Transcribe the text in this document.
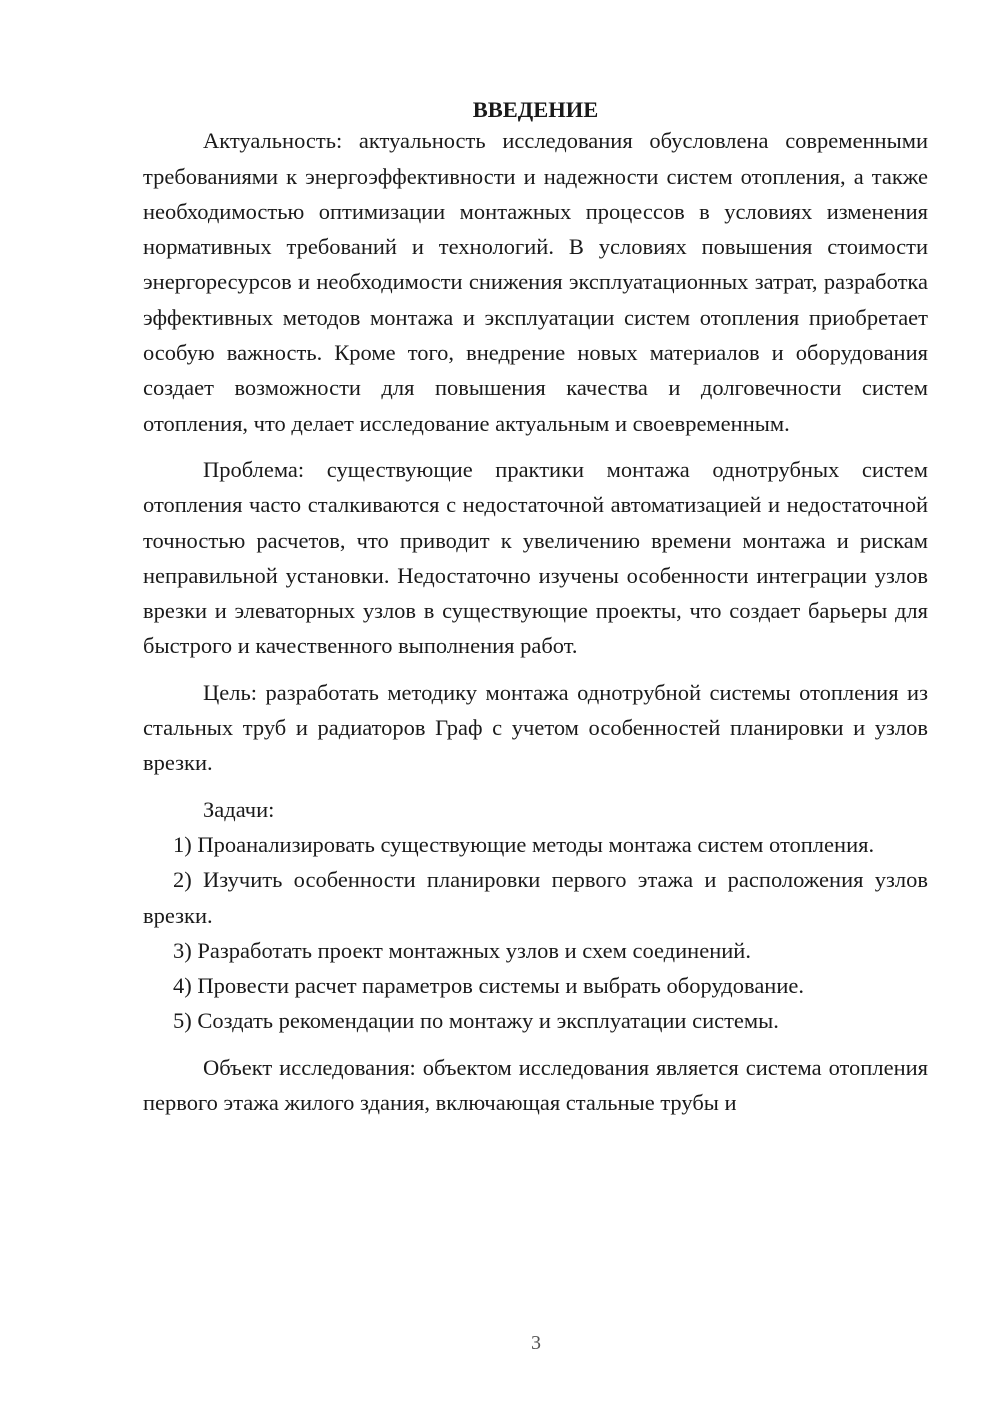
ВВЕДЕНИЕ

Актуальность: актуальность исследования обусловлена современными требованиями к энергоэффективности и надежности систем отопления, а также необходимостью оптимизации монтажных процессов в условиях изменения нормативных требований и технологий. В условиях повышения стоимости энергоресурсов и необходимости снижения эксплуатационных затрат, разработка эффективных методов монтажа и эксплуатации систем отопления приобретает особую важность. Кроме того, внедрение новых материалов и оборудования создает возможности для повышения качества и долговечности систем отопления, что делает исследование актуальным и своевременным.

Проблема: существующие практики монтажа однотрубных систем отопления часто сталкиваются с недостаточной автоматизацией и недостаточной точностью расчетов, что приводит к увеличению времени монтажа и рискам неправильной установки. Недостаточно изучены особенности интеграции узлов врезки и элеваторных узлов в существующие проекты, что создает барьеры для быстрого и качественного выполнения работ.

Цель: разработать методику монтажа однотрубной системы отопления из стальных труб и радиаторов Граф с учетом особенностей планировки и узлов врезки.

Задачи:

1) Проанализировать существующие методы монтажа систем отопления.

2) Изучить особенности планировки первого этажа и расположения узлов врезки.

3) Разработать проект монтажных узлов и схем соединений.

4) Провести расчет параметров системы и выбрать оборудование.

5) Создать рекомендации по монтажу и эксплуатации системы.

Объект исследования: объектом исследования является система отопления первого этажа жилого здания, включающая стальные трубы и

3
